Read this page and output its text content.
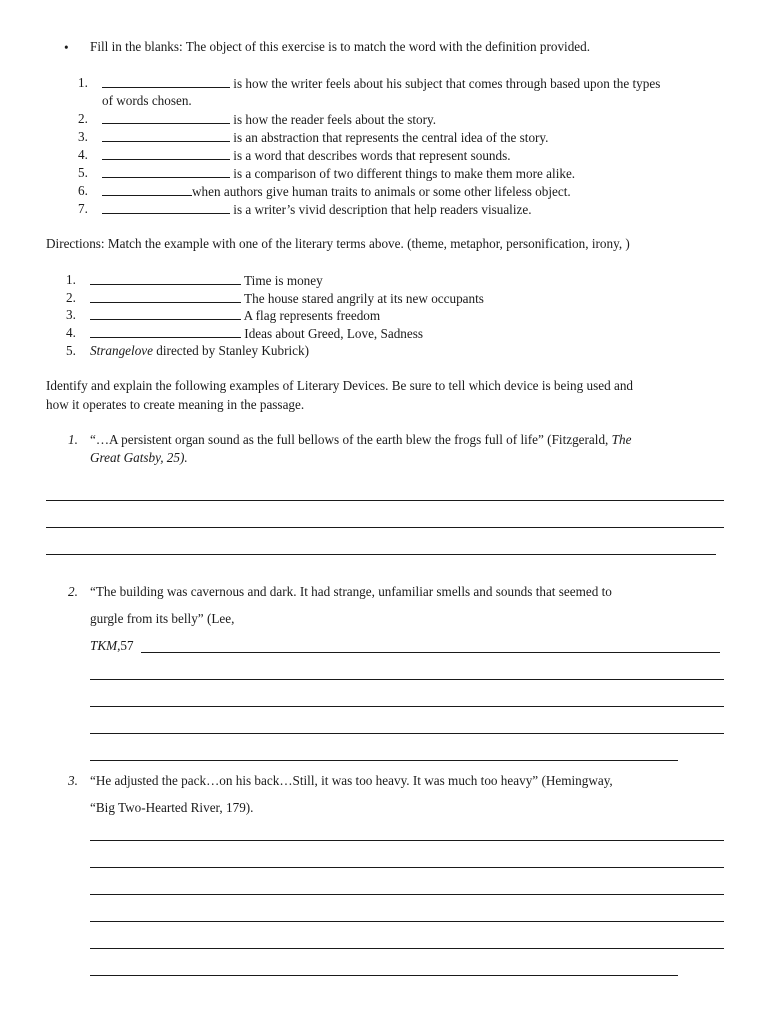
• Fill in the blanks: The object of this exercise is to match the word with the definition provided.
1.	is how the writer feels about his subject that comes through based upon the types
of words chosen.
2.	is how the reader feels about the story.
3.	is an abstraction that represents the central idea of the story.
4.	is a word that describes words that represent sounds.
5.	is a comparison of two different things to make them more alike.
6.	when authors give human traits to animals or some other lifeless object.
7.	is a writer’s vivid description that help readers visualize.
Directions: Match the example with one of the literary terms above. (theme, metaphor, personification, irony, )
1.	Time is money
2.	The house stared angrily at its new occupants
3.	A flag represents freedom
4.	Ideas about Greed, Love, Sadness
5. Strangelove directed by Stanley Kubrick)
Identify and explain the following examples of Literary Devices. Be sure to tell which device is being used and
how it operates to create meaning in the passage.
1. “…A persistent organ sound as the full bellows of the earth blew the frogs full of life” (Fitzgerald, The
Great Gatsby, 25).
2. “The building was cavernous and dark. It had strange, unfamiliar smells and sounds that seemed to
gurgle from its belly” (Lee,
TKM,57
3. “He adjusted the pack…on his back…Still, it was too heavy. It was much too heavy” (Hemingway,
“Big Two-Hearted River, 179).
